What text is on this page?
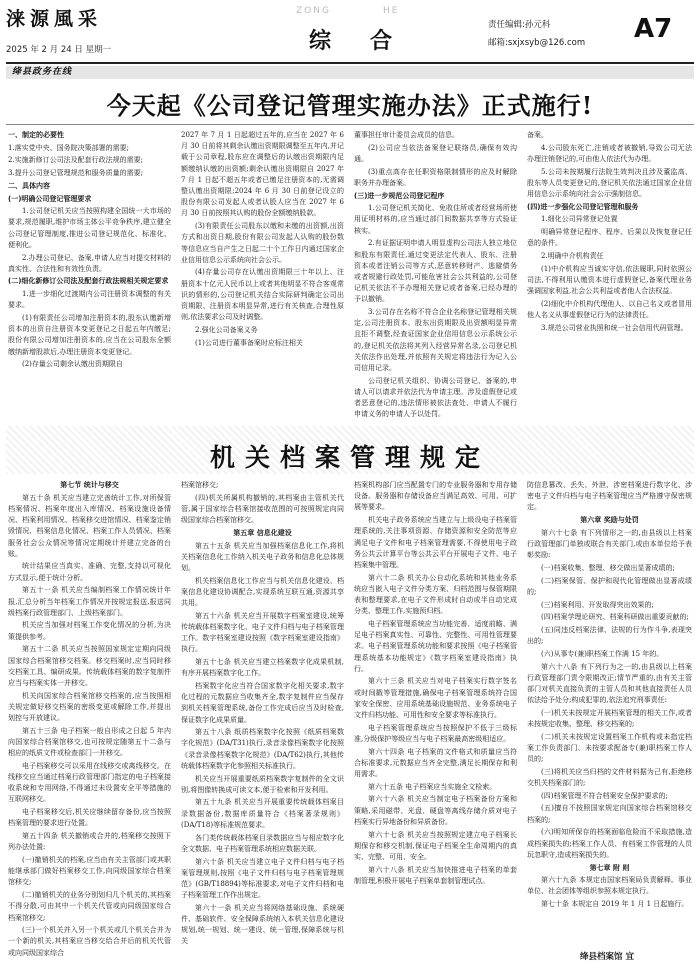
涞源風采
2025 年 2 月 24 日 星期一
ZONG	HE
综 合
责任编辑:孙元科
邮箱:sxjxsyb@126.com A7
绛县政务在线
今天起《公司登记管理实施办法》正式施行!

一、制定的必要性

1.落实党中央、国务院决策部署的需要;

2.实施新修订公司法及配套行政法规的需要;

3.提升公司登记管理规范和服务质量的需要;

二、具体内容

(一)明确公司登记管理要求

1.公司登记机关应当按照构建全国统一大市场的要求,规范履职,维护市场主体公平竞争秩序,建立健全公司登记管理制度,推进公司登记规范化、标准化、便利化。

2.办理公司登记、备案,申请人应当对提交材料的真实性、合法性和有效性负责。

(二)细化新修订公司法及配套行政法规相关规定要求

1.进一步细化过渡期内公司注册资本调整的有关要求。

(1)有限责任公司增加注册资本的,股东认缴新增资本的出资自注册资本变更登记之日起五年内缴足;股份有限公司增加注册资本的,应当在公司股东全额缴纳新增股款后,办理注册资本变更登记。

(2)存量公司剩余认缴出资期限自

2027 年 7 月 1 日起超过五年的,应当在 2027 年 6 月 30 日前将其剩余认缴出资期限调整至五年内,并记载于公司章程,股东应在调整后的认缴出资期限内足额缴纳认缴的出资额;剩余认缴出资期限自 2027 年 7 月 1 日起不超五年或者已缴足注册资本的,无需调整认缴出资期限;2024 年 6 月 30 日前登记设立的股份有限公司发起人或者认股人应当在 2027 年 6 月 30 日前按照其认购的股份全额缴纳股款。

(3)有限责任公司股东以缴和未缴的出资额,出资方式和出资日期,股份有限公司发起人认购的股份数等信息应当自产生之日起二十个工作日内通过国家企业信用信息公示系统向社会公示。

(4)存量公司存在认缴出资期限三十年以上、注册资本十亿元人民币以上或者其他明显不符合客观常识的情形的,公司登记机关结合实际研判确定公司出资期限、注册资本明显异常,进行有关核查,合理性原则,依法要求公司及时调整。

2.强化公司备案义务

(1)公司进行董事备案时应标注相关

董事担任审计委员会成员的信息。

(2)公司应当依法备案登记联络员,确保有效沟通。

(3)重点高存在任职资格限制情形的应及时解除职务并办理备案。

(三)进一步规范公司登记程序

1.公司登记机关简化、免收住所或者经营场所使用证明材料的,应当通过部门间数据共享等方式验证核实。

2.有证据证明申请人明显虚构公司法人独立地位和股东有限责任,通过变更法定代表人、股东、注册资本或者注销公司等方式,恶意转移财产、逃避债务或者规避行政处罚,可能危害社会公共利益的,公司登记机关依法不予办理相关登记或者备案,已经办理的予以撤销。

3.公司存在名称不符合企业名称登记管理相关规定,公司注册资本、股东出资期限及出资额明显异常且拒不调整,经查证国家企业信用信息公示系统公示的,登记机关依法将其列入经营异常名录,公司登记机关依法作出处理,并依照有关规定将违法行为记入公司信用记录。

公司登记机关组织、协调公司登记、备案的,申请人可以请求并依法代为申请主理。涉及虚假登记或者恶意登记的,违法情形被依法查处、申请人不履行申请义务的申请人予以处罚。

备案。

4.公司股东死亡,注销或者被撤销,导致公司无法办理注销登记的,可由他人依法代为办理。

5.公司未按期履行法院生效判决且涉及董监高、股东等人员变更登记的,登记机关依法通过国家企业信用信息公示系统向社会公示强制信息。

(四)进一步强化公司登记管理和服务

1.细化公司异常登记处置

明确异常登记程序、程序、后果以及恢复登记任意的条件。

2.明确中介机构责任

(1)中介机构应当诚实守信,依法履职,同时依照公司法,不得利用认缴资本进行虚假登记,备案代理业务强调国家利益,社会公共利益或者他人合法权益。

(2)细化中介机构代理他人、以自己名义或者冒用他人名义从事虚假登记行为的法律责任。

3.规范公司营业执照和统一社会信用代码管理。

机关档案管理规定

第七节 统计与移交

第五十条 机关应当建立完善统计工作,对所保管档案情况、档案年度出入库情况、档案设施设备情况、档案利用情况、档案移交进馆情况、档案鉴定销毁情况、档案信息化情况、档案工作人员情况、档案服务社会公众情况等情况定期统计并建立完备的台账。

统计结果应当真实、准确、完整,支持以可视化方式显示,便于统计分析。

第五十一条 机关应当编制档案工作情况统计年报,汇总分析当年档案工作情况并按规定报送,报送同级档案行政管理部门、上级档案部门。

机关应当加强对档案工作变化情况的分析,为决策提供参考。

第五十二条 机关应当按照国家规定定期向同级国家综合档案馆移交档案。移交档案时,应当同时移交档案工具、编研成果。传统载体档案的数字复制件应当与档案实体一并移交。

机关向国家综合档案馆移交档案的,应当按照相关规定做好移交档案的密级变更或解除工作,并提出划控与开放建议。

第五十三条 电子档案一般自形成之日起 5 年内向国家综合档案馆移交,也可按规定随第五十二条与相应的纸质文件或检查部门一并移交。

电子档案移交可以采用在线移交或离线移交。在线移交应当通过档案行政管理部门指定的电子档案接收系统和专用网络,不得通过未设置安全平等措施的互联网移交。

电子档案移交后,机关应继续留存备份,应当按照档案管理的要求进行处置。

第五十四条 机关撤销或合并的,档案移交按照下列办法处置:

(一)撤销机关的档案,应当由有关主管部门或其职能继承部门做好档案移交工作,向同级国家综合档案馆移交;

(二)撤销机关的业务分别划归几个机关的,其档案不得分散,可由其中一个机关代管或向同级国家综合档案馆移交;

(三)一个机关并入另一个机关或几个机关合并为一个新的机关,其档案应当移交给合并后的机关代管或向同级国家综合

档案馆移交;

(四)机关所属机构撤销的,其档案由主管机关代管,属于国家综合档案馆接收范围的可按照规定向同级国家综合档案馆移交。

第五章 信息化建设

第五十五条 机关应当加强档案信息化工作,将机关档案信息化工作纳入机关电子政务和信息化总体规划。

机关档案信息化工作应当与机关信息化建设、档案信息化建设协调配合,实现系统互联互通,资源共享共用。

第五十六条 机关应当开展数字档案室建设,统筹传统载体档案数字化、电子文件归档与电子档案管理工作。数字档案室建设按照《数字档案室建设指南》执行。

第五十七条 机关应当建立档案数字化成果机制,有序开展档案数字化工作。

档案数字化应当符合国家数字化相关要求,数字化过程的元数据应当收集齐全,数字复制件应当保存到机关档案管理系统,备份工作完成后应当及时检查,保证数字化成果质量。

第五十八条 纸质档案数字化按照《纸质档案数字化规范》(DA/T31)执行,录音录像档案数字化按照《录音录像档案数字化规范》(DA/T62)执行,其他传统载体档案数字化参照相关标准执行。

机关应当开展重要纸质档案数字复制件的全文识别,将图像转换成可读文本,便于检索和开发利用。

第五十九条 机关应当开展重要传统载体档案目录数据备份,数据库质量符合《档案著录规则》(DA/T18)等标准规范要求。

各门类传统载体档案目录数据应当与相应数字化全文数据、电子档案管理系统相应数据关联。

第六十条 机关应当建立电子文件归档与电子档案管理规则,按照《电子文件归档与电子档案管理规范》(GB/T18894)等标准要求,对电子文件归档和电子档案管理工作作出规定。

第六十一条 机关应当将网络基础设施、系统硬件、基础软件、安全保障系统纳入本机关信息化建设规划,统一规划、统一建设、统一管理,保障系统与机关

档案机构部门应当配置专门的专业服务器和专用存储设备。服务器和存储设备应当满足高效、可用、可扩展等要求。

机关电子政务系统应当建立与上级设电子档案管理系统的,关注事项资源、存储资源和安全防范等应满足电子文件和电子档案管理需要,不得使用电子政务公共云计算平台等公共云平台开展电子文件、电子档案集中管理。

第六十二条 机关办公自动化系统和其他业务系统应当嵌入电子文件分类方案、归档范围与保管期限表和整理要求,在电子文件形成时自动或半自动完成分类、整理工作,实施预归档。

电子档案管理系统应当功能完善、适度前瞻、满足电子档案真实性、可靠性、完整性、可用性管理要求。电子档案管理系统功能和要求按照《电子档案管理系统基本功能规定》《数字档案室建设指南》执行。

第六十三条 机关应当对电子档案实行数字签名或时间戳等管理措施,确保电子档案管理系统符合国家安全保密、应用系统基础设施规范、业务系统电子文件归档功能、可用性和安全要求等标准执行。

电子档案管理系统应当按照保护不低于三级标准,分级保护等级应当与电子档案最高密级相适应。

第六十四条 电子档案的文件格式和质量应当符合标准要求,元数据应当齐全完整,满足长期保存和利用需求。

第六十五条 电子档案应当实施全文检索。

第六十六条 机关应当制定电子档案备份方案和策略,采用磁带、光盘、硬盘等离线存储介质对电子档案实行异地备份和异质备份。

第六十七条 机关应当按照规定建立电子档案长期保存和移交机制,保证电子档案全生命周期内的真实、完整、可用、安全。

第六十八条 机关应当加快推进电子档案的单套制管理,积极开展电子档案单套制管理试点。

防信息篡改、丢失、外泄、涉密档案进行数字化、涉密电子文件归档与电子档案管理应当严格遵守保密规定。

第六章 奖励与处罚

第六十七条 有下列情形之一的,由县级以上档案行政管理部门单独或联合有关部门,或由本单位给予表彰奖励:

(一)档案收集、整理、移交做出显著成绩的;

(二)档案保管、保护和现代化管理做出显著成绩的;

(三)档案利用、开发取得突出效果的;

(四)档案学理论研究、档案科研做出重要贡献的;

(五)同违反档案法律、法规的行为作斗争,表现突出的;

(六)从事专(兼)职档案工作满 15 年的。

第六十八条 有下列行为之一的,由县级以上档案行政管理部门责令限期改正;情节严重的,由有关主管部门对机关直接负责的主管人员和其他直接责任人员依法给予处分;构成犯罪的,依法追究刑事责任:

(一)机关未按规定开展档案管理的相关工作,或者未按规定收集、整理、移交档案的;

(二)机关未按规定设置档案工作机构或未指定档案工作负责部门、未按要求配备专(兼)职档案工作人员的;

(三)将机关应当归档的文件材料据为己有,拒绝移交机关档案部门的;

(四)档案管理不符合档案安全保护要求的;

(五)擅自不按照国家规定向国家综合档案馆移交档案的;

(六)明知所保存的档案面临危险而不采取措施,造成档案损失的;档案工作人员、有档案工作管理的人员玩忽职守,造成档案损失的。

第七章 附 则

第六十九条 本规定由国家档案局负责解释。事业单位、社会团体等组织参照本规定执行。

第七十条 本规定自 2019 年 1 月 1 日起施行。

绛县档案馆 宜
